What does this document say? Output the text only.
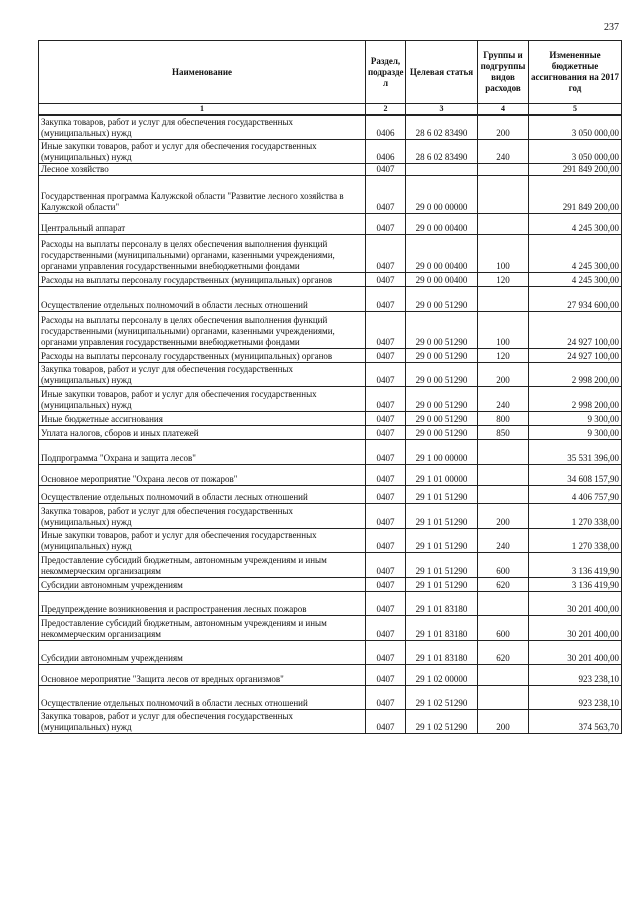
237
Наименование	Раздел, подразде л	Целевая статья	Группы и подгруппы видов расходов	Измененные бюджетные ассигнования на 2017 год
1	2	3	4	5
Закупка товаров, работ и услуг для обеспечения государственных (муниципальных) нужд	0406	28 6 02 83490	200	3 050 000,00
Иные закупки товаров, работ и услуг для обеспечения государственных (муниципальных) нужд	0406	28 6 02 83490	240	3 050 000,00
Лесное хозяйство	0407			291 849 200,00
Государственная программа Калужской области "Развитие лесного хозяйства в Калужской области"	0407	29 0 00 00000		291 849 200,00
Центральный аппарат	0407	29 0 00 00400		4 245 300,00
Расходы на выплаты персоналу в целях обеспечения выполнения функций государственными (муниципальными) органами, казенными учреждениями, органами управления государственными внебюджетными фондами	0407	29 0 00 00400	100	4 245 300,00
Расходы на выплаты персоналу государственных (муниципальных) органов	0407	29 0 00 00400	120	4 245 300,00
Осуществление отдельных полномочий в области лесных отношений	0407	29 0 00 51290		27 934 600,00
Расходы на выплаты персоналу в целях обеспечения выполнения функций государственными (муниципальными) органами, казенными учреждениями, органами управления государственными внебюджетными фондами	0407	29 0 00 51290	100	24 927 100,00
Расходы на выплаты персоналу государственных (муниципальных) органов	0407	29 0 00 51290	120	24 927 100,00
Закупка товаров, работ и услуг для обеспечения государственных (муниципальных) нужд	0407	29 0 00 51290	200	2 998 200,00
Иные закупки товаров, работ и услуг для обеспечения государственных (муниципальных) нужд	0407	29 0 00 51290	240	2 998 200,00
Иные бюджетные ассигнования	0407	29 0 00 51290	800	9 300,00
Уплата налогов, сборов и иных платежей	0407	29 0 00 51290	850	9 300,00
Подпрограмма "Охрана и защита лесов"	0407	29 1 00 00000		35 531 396,00
Основное мероприятие "Охрана лесов от пожаров"	0407	29 1 01 00000		34 608 157,90
Осуществление отдельных полномочий в области лесных отношений	0407	29 1 01 51290		4 406 757,90
Закупка товаров, работ и услуг для обеспечения государственных (муниципальных) нужд	0407	29 1 01 51290	200	1 270 338,00
Иные закупки товаров, работ и услуг для обеспечения государственных (муниципальных) нужд	0407	29 1 01 51290	240	1 270 338,00
Предоставление субсидий бюджетным, автономным учреждениям и иным некоммерческим организациям	0407	29 1 01 51290	600	3 136 419,90
Субсидии автономным учреждениям	0407	29 1 01 51290	620	3 136 419,90
Предупреждение возникновения и распространения лесных пожаров	0407	29 1 01 83180		30 201 400,00
Предоставление субсидий бюджетным, автономным учреждениям и иным некоммерческим организациям	0407	29 1 01 83180	600	30 201 400,00
Субсидии автономным учреждениям	0407	29 1 01 83180	620	30 201 400,00
Основное мероприятие "Защита лесов от вредных организмов"	0407	29 1 02 00000		923 238,10
Осуществление отдельных полномочий в области лесных отношений	0407	29 1 02 51290		923 238,10
Закупка товаров, работ и услуг для обеспечения государственных (муниципальных) нужд	0407	29 1 02 51290	200	374 563,70
